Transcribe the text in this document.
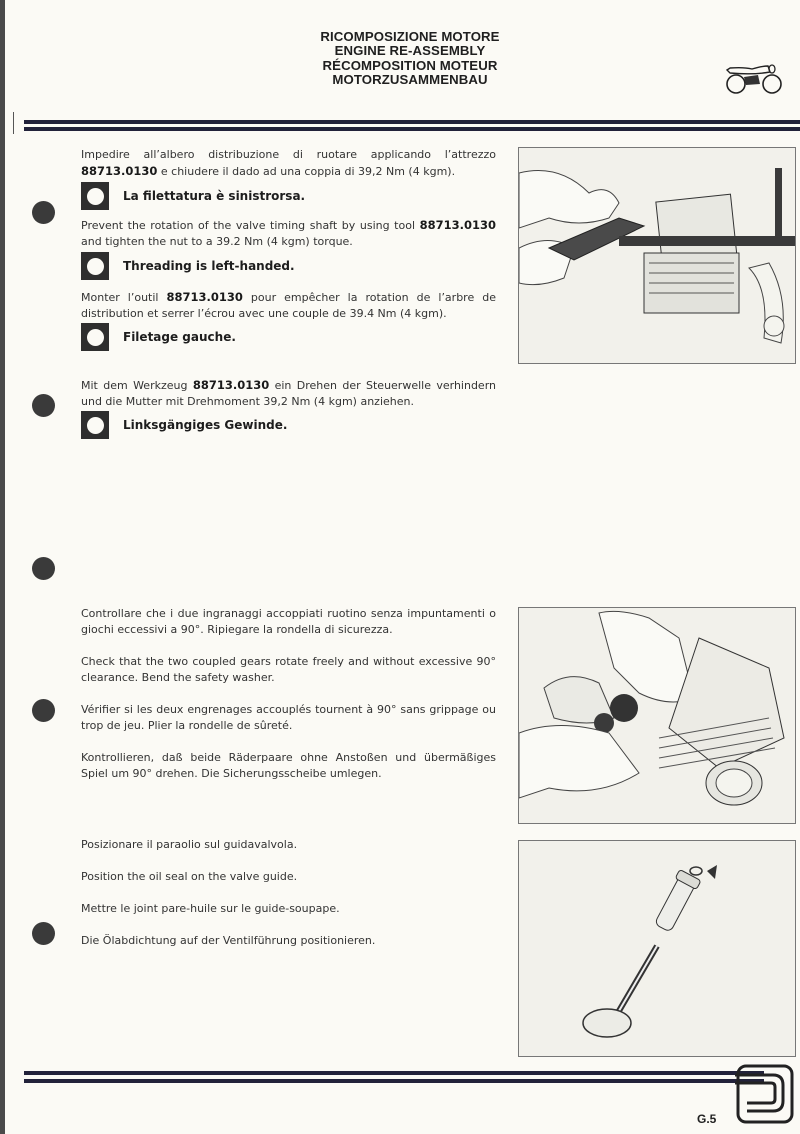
RICOMPOSIZIONE MOTORE
ENGINE RE-ASSEMBLY
RÉCOMPOSITION MOTEUR
MOTORZUSAMMENBAU

Impedire all’albero distribuzione di ruotare applicando l’attrezzo 88713.0130 e chiudere il dado ad una coppia di 39,2 Nm (4 kgm).

La filettatura è sinistrorsa.

Prevent the rotation of the valve timing shaft by using tool 88713.0130 and tighten the nut to a 39.2 Nm (4 kgm) torque.

Threading is left-handed.

Monter l’outil 88713.0130 pour empêcher la rotation de l’arbre de distribution et serrer l’écrou avec une couple de 39.4 Nm (4 kgm).

Filetage gauche.

Mit dem Werkzeug 88713.0130 ein Drehen der Steuerwelle verhindern und die Mutter mit Drehmoment 39,2 Nm (4 kgm) anziehen.

Linksgängiges Gewinde.

Controllare che i due ingranaggi accoppiati ruotino senza impuntamenti o giochi eccessivi a 90°. Ripiegare la rondella di sicurezza.

Check that the two coupled gears rotate freely and without excessive 90° clearance. Bend the safety washer.

Vérifier si les deux engrenages accouplés tournent à 90° sans grippage ou trop de jeu. Plier la rondelle de sûreté.

Kontrollieren, daß beide Räderpaare ohne Anstoßen und übermäßiges Spiel um 90° drehen. Die Sicherungsscheibe umlegen.

Posizionare il paraolio sul guidavalvola.

Position the oil seal on the valve guide.

Mettre le joint pare-huile sur le guide-soupape.

Die Ölabdichtung auf der Ventilführung positionieren.

G.5
